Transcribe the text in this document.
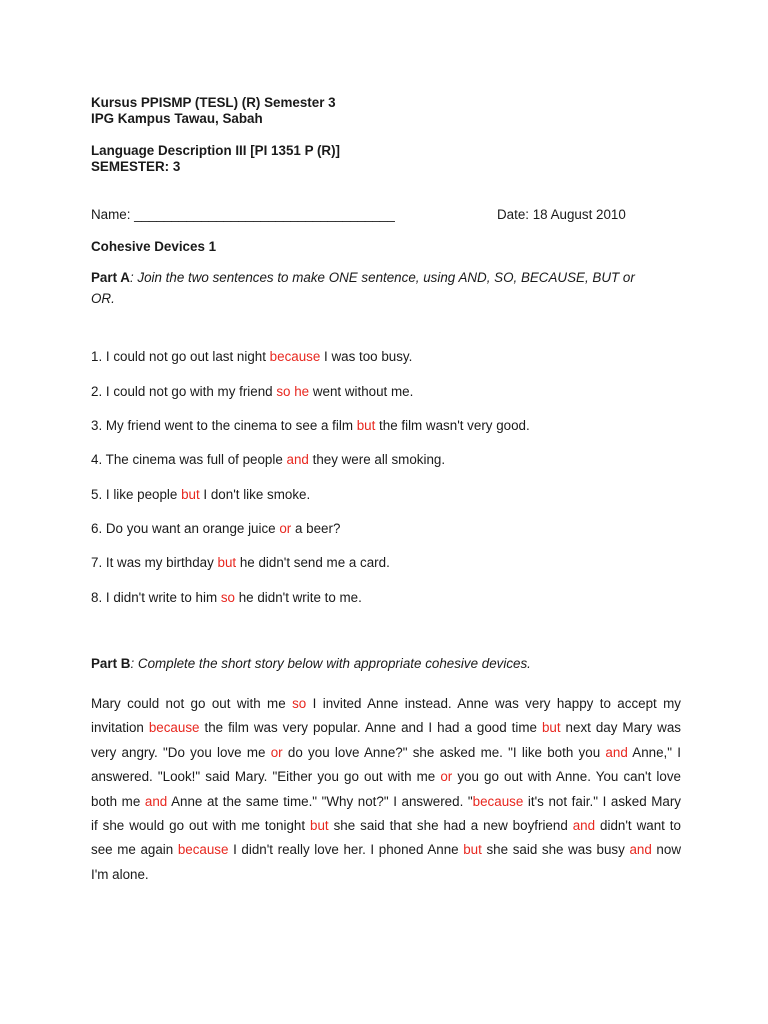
Kursus PPISMP (TESL) (R) Semester 3
IPG Kampus Tawau, Sabah
Language Description III [PI 1351 P (R)]
SEMESTER: 3
Name: ___________________________________	Date: 18 August 2010
Cohesive Devices 1
Part A: Join the two sentences to make ONE sentence, using AND, SO, BECAUSE, BUT or
OR.
1. I could not go out last night because I was too busy.
2. I could not go with my friend so he went without me.
3. My friend went to the cinema to see a film but the film wasn't very good.
4. The cinema was full of people and they were all smoking.
5. I like people but I don't like smoke.
6. Do you want an orange juice or a beer?
7. It was my birthday but he didn't send me a card.
8. I didn't write to him so he didn't write to me.
Part B: Complete the short story below with appropriate cohesive devices.
Mary could not go out with me so I invited Anne instead. Anne was very happy to accept my
invitation because the film was very popular. Anne and I had a good time but next day Mary was
very angry. "Do you love me or do you love Anne?" she asked me. "I like both you and Anne," I
answered. "Look!" said Mary. "Either you go out with me or you go out with Anne. You can't love
both me and Anne at the same time." "Why not?" I answered. "because it's not fair." I asked Mary
if she would go out with me tonight but she said that she had a new boyfriend and didn't want to
see me again because I didn't really love her. I phoned Anne but she said she was busy and now
I'm alone.
